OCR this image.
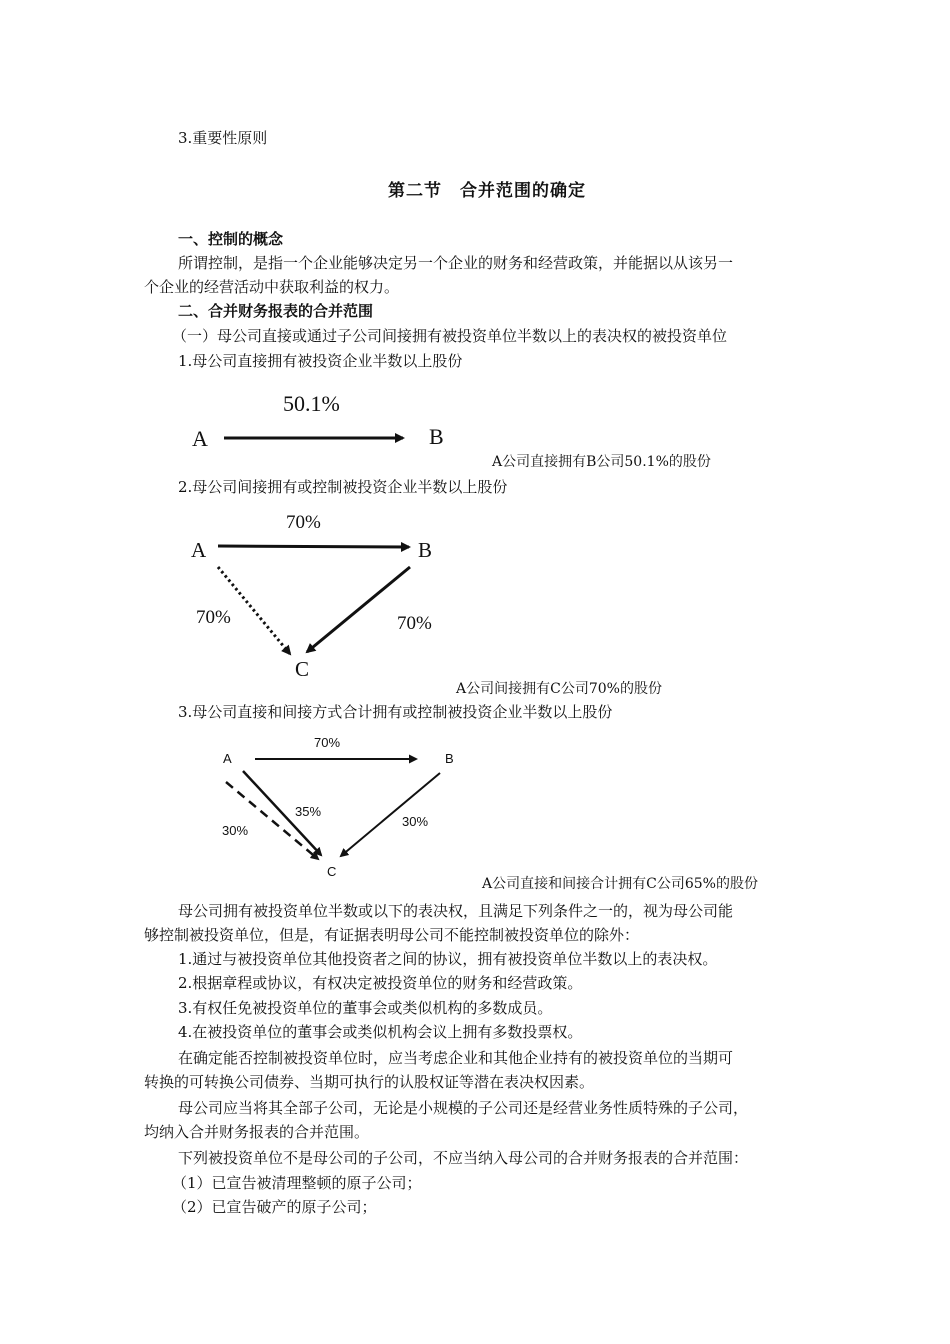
3.重要性原则
第二节　合并范围的确定
一、控制的概念
所谓控制，是指一个企业能够决定另一个企业的财务和经营政策，并能据以从该另一
个企业的经营活动中获取利益的权力。
二、合并财务报表的合并范围
（一）母公司直接或通过子公司间接拥有被投资单位半数以上的表决权的被投资单位
1.母公司直接拥有被投资企业半数以上股份
A
50.1%
B
A公司直接拥有B公司50.1%的股份
2.母公司间接拥有或控制被投资企业半数以上股份
A	B
C
70%
70%	70%
A公司间接拥有C公司70%的股份
3.母公司直接和间接方式合计拥有或控制被投资企业半数以上股份
A	B
C
70%
35%
30%
30%
A公司直接和间接合计拥有C公司65%的股份
母公司拥有被投资单位半数或以下的表决权，且满足下列条件之一的，视为母公司能
够控制被投资单位，但是，有证据表明母公司不能控制被投资单位的除外：
1.通过与被投资单位其他投资者之间的协议，拥有被投资单位半数以上的表决权。
2.根据章程或协议，有权决定被投资单位的财务和经营政策。
3.有权任免被投资单位的董事会或类似机构的多数成员。
4.在被投资单位的董事会或类似机构会议上拥有多数投票权。
在确定能否控制被投资单位时，应当考虑企业和其他企业持有的被投资单位的当期可
转换的可转换公司债券、当期可执行的认股权证等潜在表决权因素。
母公司应当将其全部子公司，无论是小规模的子公司还是经营业务性质特殊的子公司，
均纳入合并财务报表的合并范围。
下列被投资单位不是母公司的子公司，不应当纳入母公司的合并财务报表的合并范围：
（1）已宣告被清理整顿的原子公司；
（2）已宣告破产的原子公司；
